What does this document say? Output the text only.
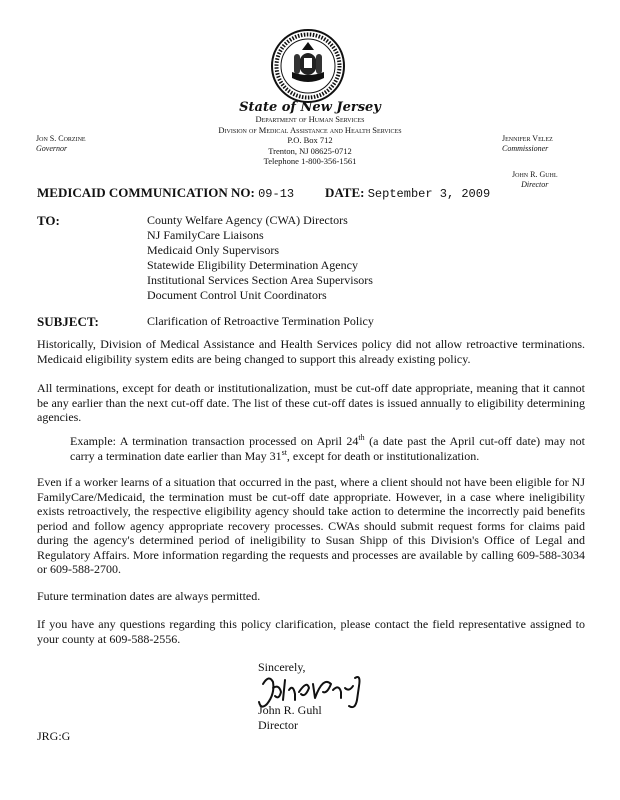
State of New Jersey
Department of Human Services
Division of Medical Assistance and Health Services
P.O. Box 712
Trenton, NJ 08625-0712
Telephone 1-800-356-1561
Jon S. Corzine
Governor
Jennifer Velez
Commissioner
John R. Guhl
Director
MEDICAID COMMUNICATION NO: 09-13 DATE: September 3, 2009
TO:	County Welfare Agency (CWA) Directors
NJ FamilyCare Liaisons
Medicaid Only Supervisors
Statewide Eligibility Determination Agency
Institutional Services Section Area Supervisors
Document Control Unit Coordinators
SUBJECT:	Clarification of Retroactive Termination Policy
Historically, Division of Medical Assistance and Health Services policy did not allow retroactive terminations. Medicaid eligibility system edits are being changed to support this already existing policy.
All terminations, except for death or institutionalization, must be cut-off date appropriate, meaning that it cannot be any earlier than the next cut-off date. The list of these cut-off dates is issued annually to eligibility determining agencies.
Example: A termination transaction processed on April 24th (a date past the April cut-off date) may not carry a termination date earlier than May 31st, except for death or institutionalization.
Even if a worker learns of a situation that occurred in the past, where a client should not have been eligible for NJ FamilyCare/Medicaid, the termination must be cut-off date appropriate. However, in a case where ineligibility exists retroactively, the respective eligibility agency should take action to determine the incorrectly paid benefits period and follow agency appropriate recovery processes. CWAs should submit request forms for claims paid during the agency's determined period of ineligibility to Susan Shipp of this Division's Office of Legal and Regulatory Affairs. More information regarding the requests and processes are available by calling 609-588-3034 or 609-588-2700.
Future termination dates are always permitted.
If you have any questions regarding this policy clarification, please contact the field representative assigned to your county at 609-588-2556.
Sincerely,
John R. Guhl
Director
JRG:G
